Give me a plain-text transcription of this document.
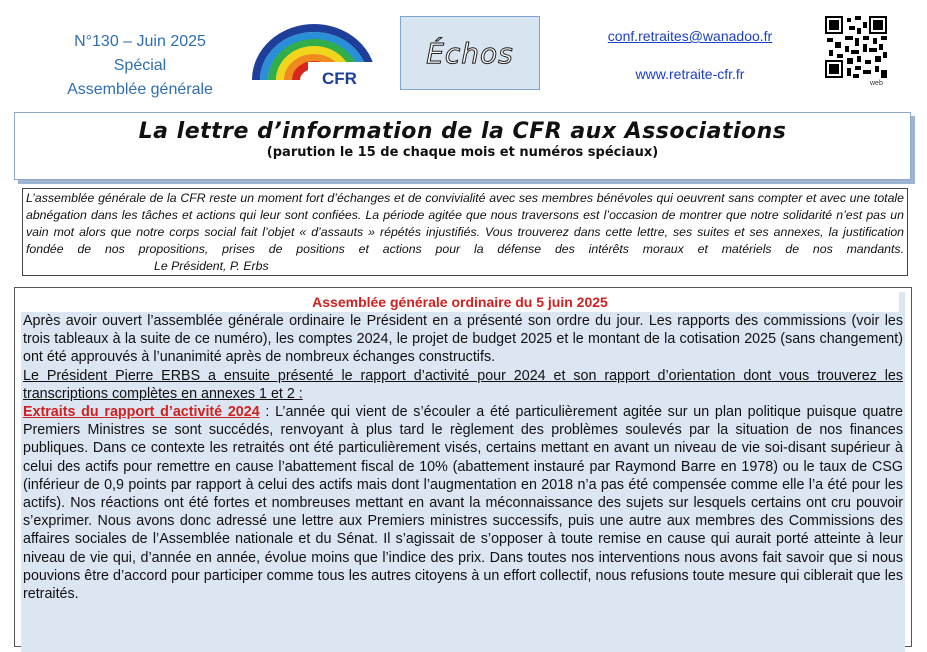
N°130 – Juin 2025
Spécial
Assemblée générale
CFR
Échos
conf.retraites@wanadoo.fr
www.retraite-cfr.fr
web
La lettre d’information de la CFR aux Associations
(parution le 15 de chaque mois et numéros spéciaux)
L’assemblée générale de la CFR reste un moment fort d’échanges et de convivialité avec ses membres bénévoles qui oeuvrent sans compter et avec une totale abnégation dans les tâches et actions qui leur sont confiées. La période agitée que nous traversons est l’occasion de montrer que notre solidarité n’est pas un vain mot alors que notre corps social fait l’objet « d’assauts » répétés injustifiés. Vous trouverez dans cette lettre, ses suites et ses annexes, la justification fondée de nos propositions, prises de positions et actions pour la défense des intérêts moraux et matériels de nos mandants.Le Président, P. Erbs
Assemblée générale ordinaire du 5 juin 2025

Après avoir ouvert l’assemblée générale ordinaire le Président en a présenté son ordre du jour. Les rapports des commissions (voir les trois tableaux à la suite de ce numéro), les comptes 2024, le projet de budget 2025 et le montant de la cotisation 2025 (sans changement) ont été approuvés à l’unanimité après de nombreux échanges constructifs.

Le Président Pierre ERBS a ensuite présenté le rapport d’activité pour 2024 et son rapport d’orientation dont vous trouverez les transcriptions complètes en annexes 1 et 2 :

Extraits du rapport d’activité 2024 : L’année qui vient de s’écouler a été particulièrement agitée sur un plan politique puisque quatre Premiers Ministres se sont succédés, renvoyant à plus tard le règlement des problèmes soulevés par la situation de nos finances publiques. Dans ce contexte les retraités ont été particulièrement visés, certains mettant en avant un niveau de vie soi-disant supérieur à celui des actifs pour remettre en cause l’abattement fiscal de 10% (abattement instauré par Raymond Barre en 1978) ou le taux de CSG (inférieur de 0,9 points par rapport à celui des actifs mais dont l’augmentation en 2018 n’a pas été compensée comme elle l’a été pour les actifs). Nos réactions ont été fortes et nombreuses mettant en avant la méconnaissance des sujets sur lesquels certains ont cru pouvoir s’exprimer. Nous avons donc adressé une lettre aux Premiers ministres successifs, puis une autre aux membres des Commissions des affaires sociales de l’Assemblée nationale et du Sénat. Il s’agissait de s’opposer à toute remise en cause qui aurait porté atteinte à leur niveau de vie qui, d’année en année, évolue moins que l’indice des prix. Dans toutes nos interventions nous avons fait savoir que si nous pouvions être d’accord pour participer comme tous les autres citoyens à un effort collectif, nous refusions toute mesure qui ciblerait que les retraités.
